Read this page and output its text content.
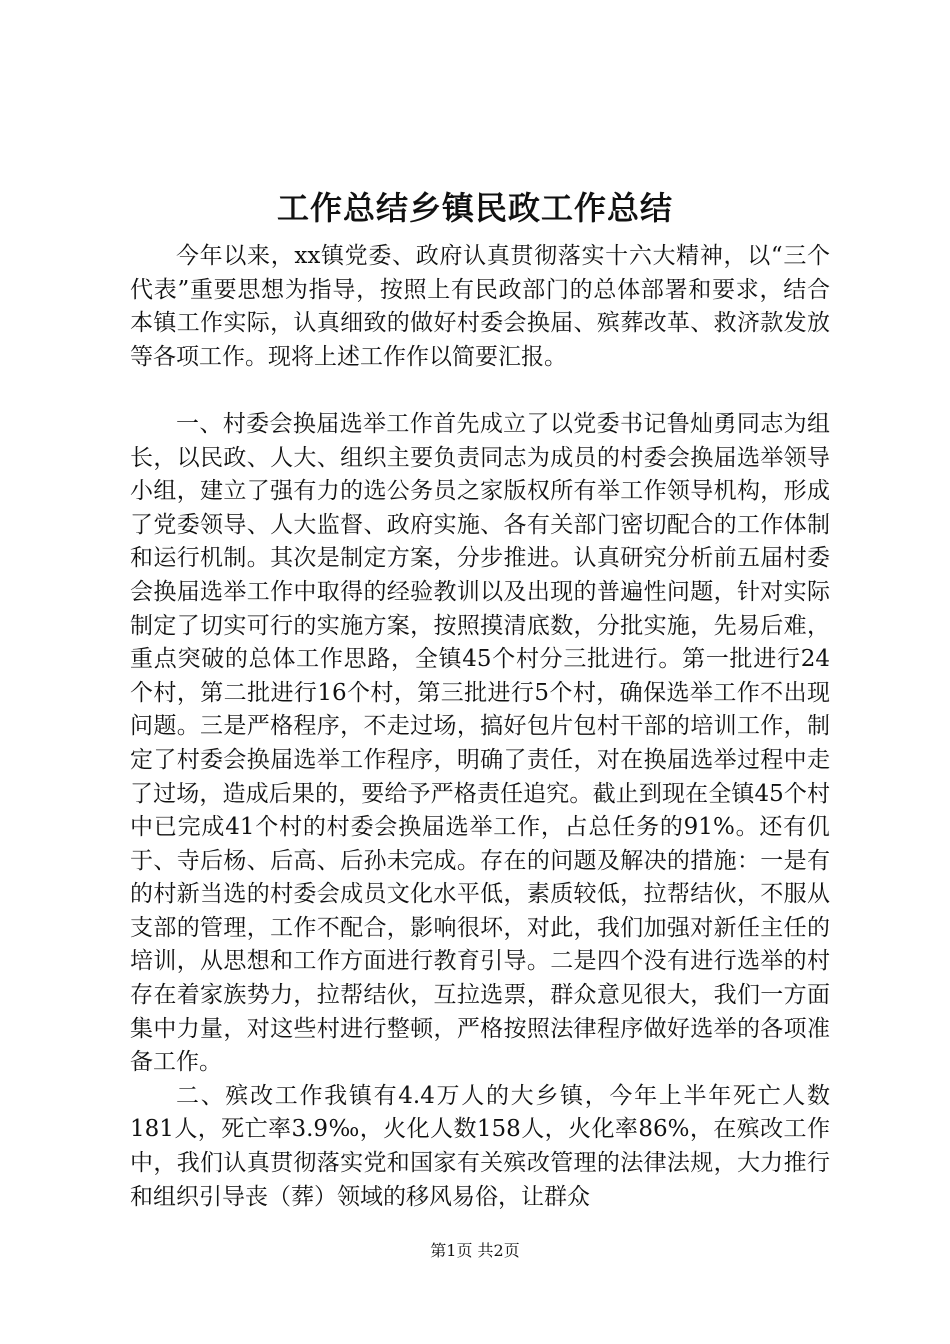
工作总结乡镇民政工作总结

今年以来，xx镇党委、政府认真贯彻落实十六大精神，以“三个代表”重要思想为指导，按照上有民政部门的总体部署和要求，结合本镇工作实际，认真细致的做好村委会换届、殡葬改革、救济款发放等各项工作。现将上述工作作以简要汇报。

一、村委会换届选举工作首先成立了以党委书记鲁灿勇同志为组长，以民政、人大、组织主要负责同志为成员的村委会换届选举领导小组，建立了强有力的选公务员之家版权所有举工作领导机构，形成了党委领导、人大监督、政府实施、各有关部门密切配合的工作体制和运行机制。其次是制定方案，分步推进。认真研究分析前五届村委会换届选举工作中取得的经验教训以及出现的普遍性问题，针对实际制定了切实可行的实施方案，按照摸清底数，分批实施，先易后难，重点突破的总体工作思路，全镇45个村分三批进行。第一批进行24个村，第二批进行16个村，第三批进行5个村，确保选举工作不出现问题。三是严格程序，不走过场，搞好包片包村干部的培训工作，制定了村委会换届选举工作程序，明确了责任，对在换届选举过程中走了过场，造成后果的，要给予严格责任追究。截止到现在全镇45个村中已完成41个村的村委会换届选举工作，占总任务的91%。还有仉于、寺后杨、后高、后孙未完成。存在的问题及解决的措施：一是有的村新当选的村委会成员文化水平低，素质较低，拉帮结伙，不服从支部的管理，工作不配合，影响很坏，对此，我们加强对新任主任的培训，从思想和工作方面进行教育引导。二是四个没有进行选举的村存在着家族势力，拉帮结伙，互拉选票，群众意见很大，我们一方面集中力量，对这些村进行整顿，严格按照法律程序做好选举的各项准备工作。

二、殡改工作我镇有4.4万人的大乡镇，今年上半年死亡人数181人，死亡率3.9‰，火化人数158人，火化率86%，在殡改工作中，我们认真贯彻落实党和国家有关殡改管理的法律法规，大力推行和组织引导丧（葬）领域的移风易俗，让群众

第1页 共2页
